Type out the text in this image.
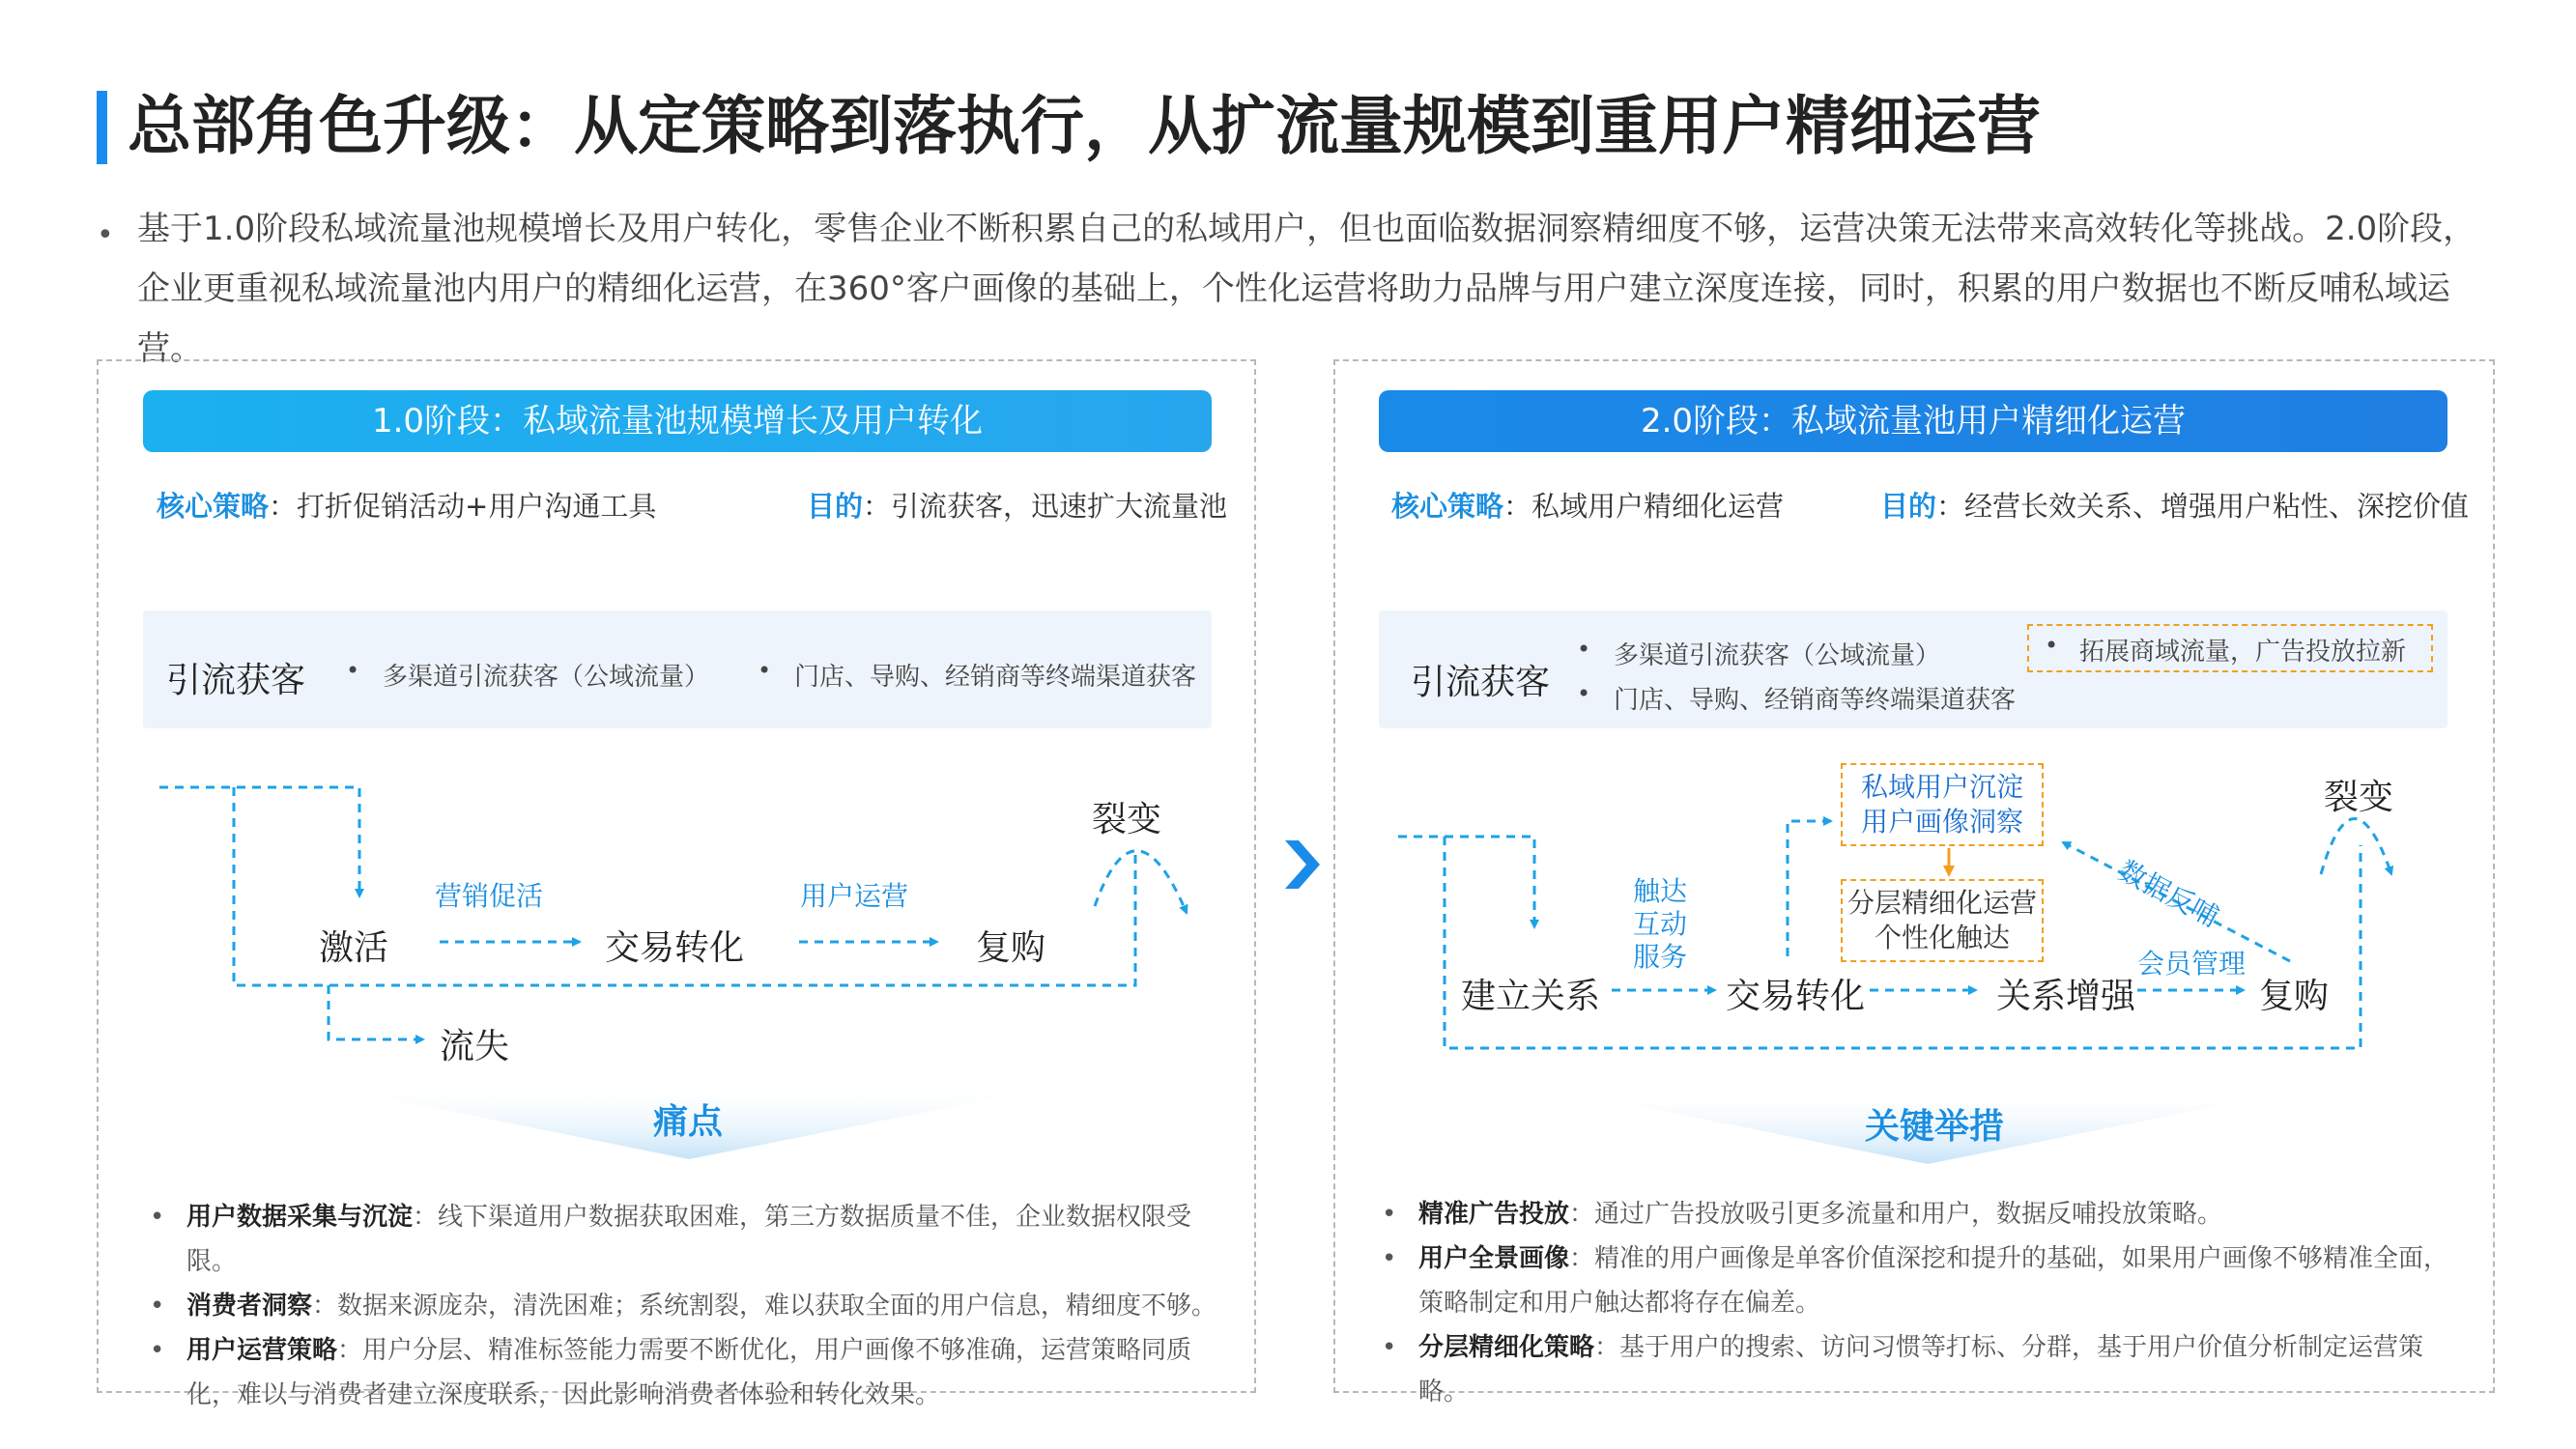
总部角色升级：从定策略到落执行，从扩流量规模到重用户精细运营
• 基于1.0阶段私域流量池规模增长及用户转化，零售企业不断积累自己的私域用户，但也面临数据洞察精细度不够，运营决策无法带来高效转化等挑战。2.0阶段，企业更重视私域流量池内用户的精细化运营，在360°客户画像的基础上，个性化运营将助力品牌与用户建立深度连接，同时，积累的用户数据也不断反哺私域运营。
1.0阶段：私域流量池规模增长及用户转化
核心策略：打折促销活动+用户沟通工具	目的：引流获客，迅速扩大流量池
引流获客 • 多渠道引流获客（公域流量） • 门店、导购、经销商等终端渠道获客
激活	交易转化	复购
裂变
流失
营销促活	用户运营
痛点
• 用户数据采集与沉淀：线下渠道用户数据获取困难，第三方数据质量不佳，企业数据权限受限。
• 消费者洞察：数据来源庞杂，清洗困难；系统割裂，难以获取全面的用户信息，精细度不够。
• 用户运营策略：用户分层、精准标签能力需要不断优化，用户画像不够准确，运营策略同质化，难以与消费者建立深度联系，因此影响消费者体验和转化效果。
2.0阶段：私域流量池用户精细化运营
核心策略：私域用户精细化运营	目的：经营长效关系、增强用户粘性、深挖价值
引流获客
• 多渠道引流获客（公域流量）
• 门店、导购、经销商等终端渠道获客
• 拓展商域流量，广告投放拉新
建立关系	交易转化	关系增强	复购
裂变
私域用户沉淀
用户画像洞察
分层精细化运营
个性化触达
触达
互动
服务	会员管理
数据反哺
关键举措
• 精准广告投放：通过广告投放吸引更多流量和用户，数据反哺投放策略。
• 用户全景画像：精准的用户画像是单客价值深挖和提升的基础，如果用户画像不够精准全面，策略制定和用户触达都将存在偏差。
• 分层精细化策略：基于用户的搜索、访问习惯等打标、分群，基于用户价值分析制定运营策略。
